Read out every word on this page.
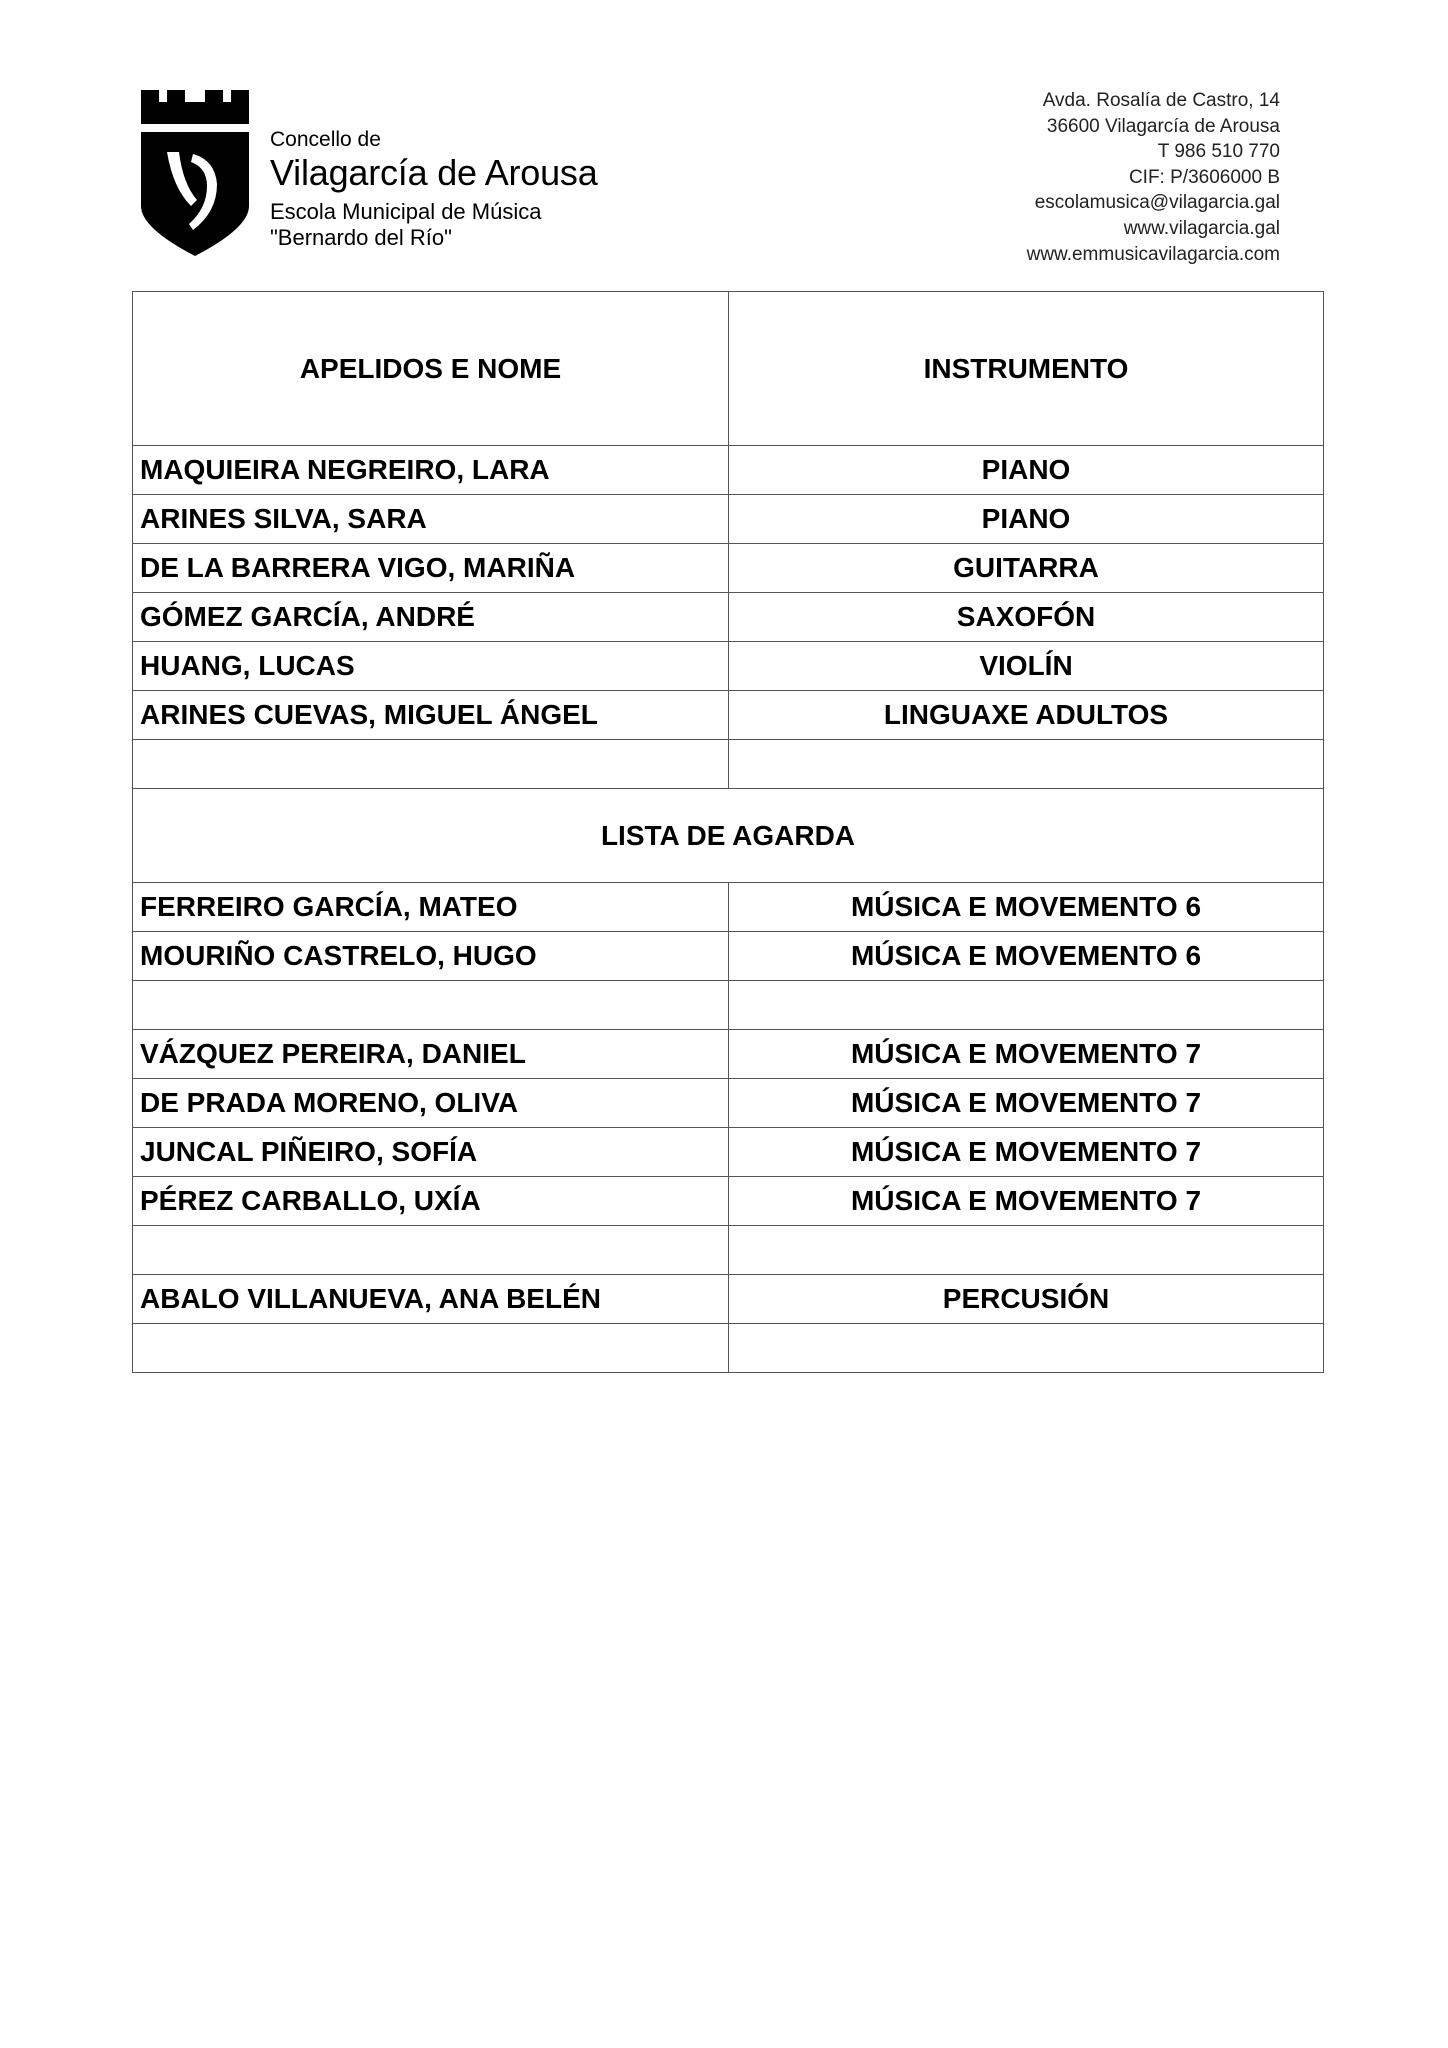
Concello de
Vilagarcía de Arousa
Escola Municipal de Música
"Bernardo del Río"
Avda. Rosalía de Castro, 14
36600 Vilagarcía de Arousa
T 986 510 770
CIF: P/3606000 B
escolamusica@vilagarcia.gal
www.vilagarcia.gal
www.emmusicavilagarcia.com
APELIDOS E NOME	INSTRUMENTO
MAQUIEIRA NEGREIRO, LARA	PIANO
ARINES SILVA, SARA	PIANO
DE LA BARRERA VIGO, MARIÑA	GUITARRA
GÓMEZ GARCÍA, ANDRÉ	SAXOFÓN
HUANG, LUCAS	VIOLÍN
ARINES CUEVAS, MIGUEL ÁNGEL	LINGUAXE ADULTOS

LISTA DE AGARDA	
FERREIRO GARCÍA, MATEO	MÚSICA E MOVEMENTO 6
MOURIÑO CASTRELO, HUGO	MÚSICA E MOVEMENTO 6

VÁZQUEZ PEREIRA, DANIEL	MÚSICA E MOVEMENTO 7
DE PRADA MORENO, OLIVA	MÚSICA E MOVEMENTO 7
JUNCAL PIÑEIRO, SOFÍA	MÚSICA E MOVEMENTO 7
PÉREZ CARBALLO, UXÍA	MÚSICA E MOVEMENTO 7

ABALO VILLANUEVA, ANA BELÉN	PERCUSIÓN
